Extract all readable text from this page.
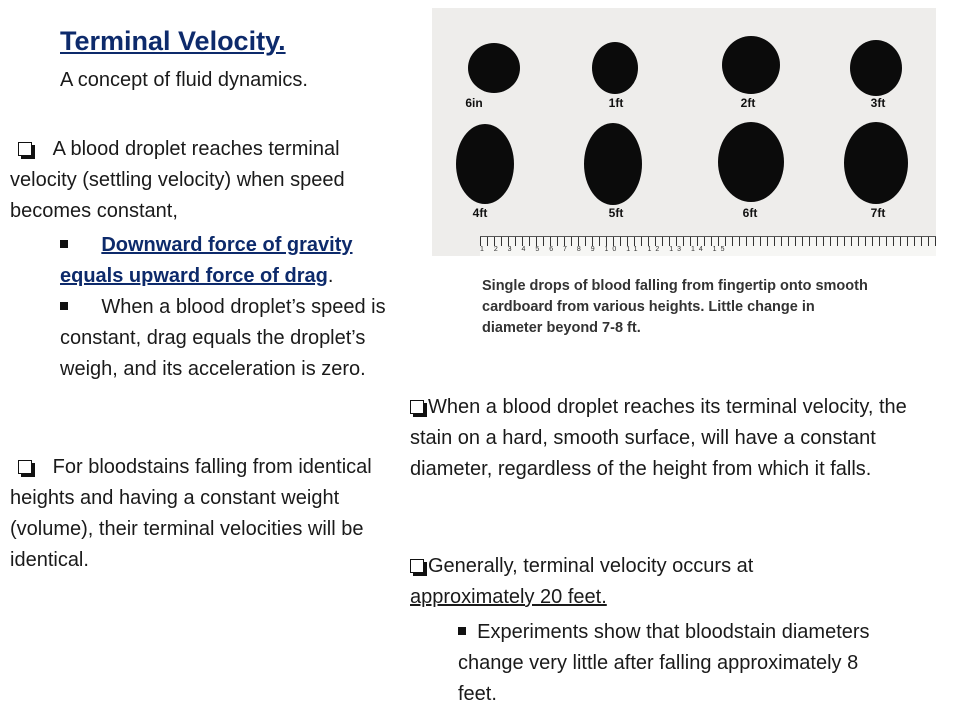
Terminal Velocity.
A concept of fluid dynamics.
A blood droplet reaches terminal velocity (settling velocity) when speed becomes constant,
Downward force of gravity equals upward force of drag.
When a blood droplet’s speed is constant, drag equals the droplet’s weigh, and its acceleration is zero.
For bloodstains falling from identical heights and having a constant weight (volume), their terminal velocities will be identical.
6in	1ft	2ft	3ft
4ft	5ft	6ft	7ft
1 2 3 4 5 6 7 8 9 10 11 12 13 14 15
Single drops of blood falling from fingertip onto smooth cardboard from various heights. Little change in diameter beyond 7-8 ft.
When a blood droplet reaches its terminal velocity, the stain on a hard, smooth surface, will have a constant diameter, regardless of the height from which it falls.
Generally, terminal velocity occurs at approximately 20 feet.
Experiments show that bloodstain diameters change very little after falling approximately 8 feet.
